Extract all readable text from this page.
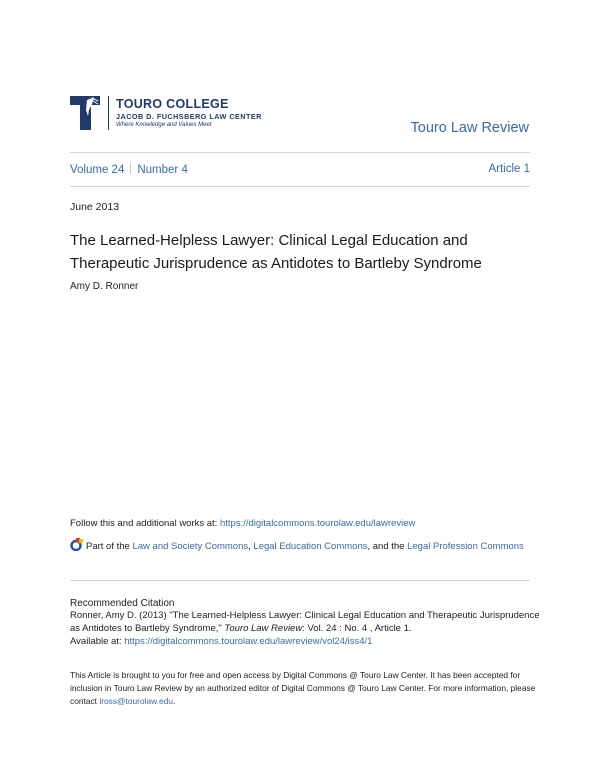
TOURO COLLEGE
JACOB D. FUCHSBERG LAW CENTER
Where Knowledge and Values Meet	Touro Law Review
Volume 24 Number 4	Article 1
June 2013
The Learned-Helpless Lawyer: Clinical Legal Education and Therapeutic Jurisprudence as Antidotes to Bartleby Syndrome
Amy D. Ronner
Follow this and additional works at: https://digitalcommons.tourolaw.edu/lawreview
Part of the Law and Society Commons, Legal Education Commons, and the Legal Profession Commons
Recommended Citation
Ronner, Amy D. (2013) "The Learned-Helpless Lawyer: Clinical Legal Education and Therapeutic Jurisprudence as Antidotes to Bartleby Syndrome," Touro Law Review: Vol. 24 : No. 4 , Article 1.
Available at: https://digitalcommons.tourolaw.edu/lawreview/vol24/iss4/1
This Article is brought to you for free and open access by Digital Commons @ Touro Law Center. It has been accepted for inclusion in Touro Law Review by an authorized editor of Digital Commons @ Touro Law Center. For more information, please contact lross@tourolaw.edu.
